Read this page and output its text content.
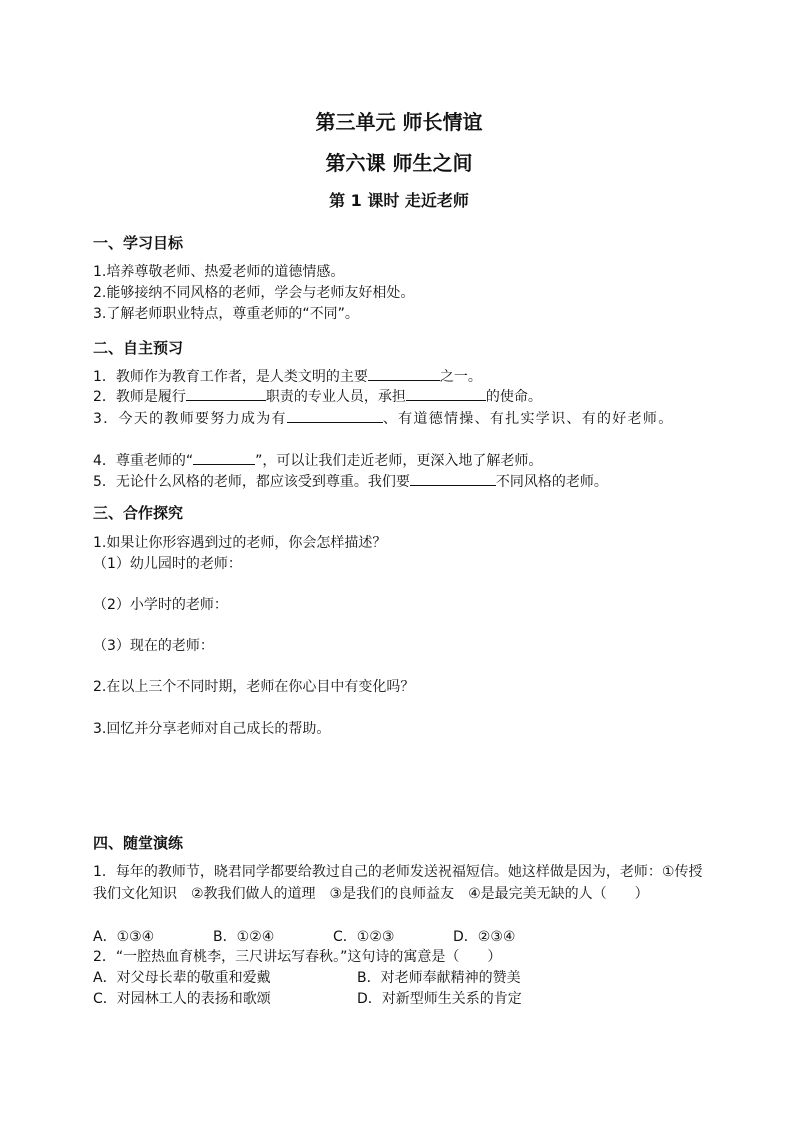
第三单元 师长情谊
第六课 师生之间
第 1 课时 走近老师
一、学习目标
1.培养尊敬老师、热爱老师的道德情感。
2.能够接纳不同风格的老师，学会与老师友好相处。
3.了解老师职业特点，尊重老师的“不同”。
二、自主预习
1．教师作为教育工作者，是人类文明的主要	之一。
2．教师是履行	职责的专业人员，承担	的使命。
3．今天的教师要努力成为有	、有道德情操、有扎实学识、有的好老师。
4．尊重老师的“	”，可以让我们走近老师，更深入地了解老师。
5．无论什么风格的老师，都应该受到尊重。我们要	不同风格的老师。
三、合作探究
1.如果让你形容遇到过的老师，你会怎样描述？
（1）幼儿园时的老师：
（2）小学时的老师：
（3）现在的老师：
2.在以上三个不同时期，老师在你心目中有变化吗？
3.回忆并分享老师对自己成长的帮助。
四、随堂演练
1．每年的教师节，晓君同学都要给教过自己的老师发送祝福短信。她这样做是因为，老师：①传授我们文化知识　②教我们做人的道理　③是我们的良师益友　④是最完美无缺的人（　　）
A．①③④	B．①②④	C．①②③	D．②③④
2．“一腔热血育桃李，三尺讲坛写春秋。”这句诗的寓意是（　　）
A．对父母长辈的敬重和爱戴	B．对老师奉献精神的赞美
C．对园林工人的表扬和歌颂	D．对新型师生关系的肯定
